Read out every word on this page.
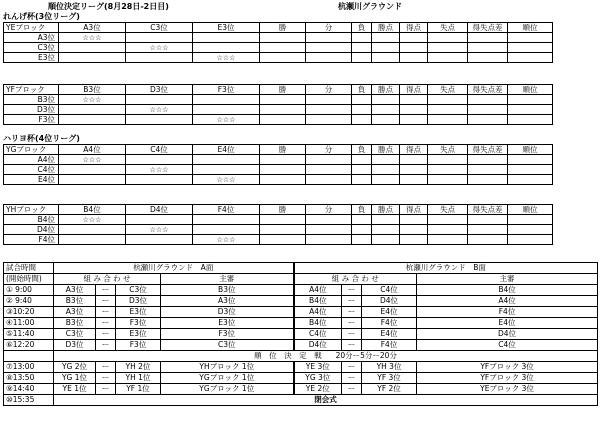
順位決定リーグ(8月28日-2日目)	杭瀬川グラウンド
れんげ杯(3位リーグ)
YEブロック	A3位	C3位	E3位	勝	分	負	勝点	得点	失点	得失点差	順位
A3位	☆☆☆										
C3位		☆☆☆									
E3位			☆☆☆								
YFブロック	B3位	D3位	F3位	勝	分	負	勝点	得点	失点	得失点差	順位
B3位	☆☆☆										
D3位		☆☆☆									
F3位			☆☆☆								
YGブロック	A4位	C4位	E4位	勝	分	負	勝点	得点	失点	得失点差	順位
A4位	☆☆☆										
C4位		☆☆☆									
E4位			☆☆☆								
YHブロック	B4位	D4位	F4位	勝	分	負	勝点	得点	失点	得失点差	順位
B4位	☆☆☆										
D4位		☆☆☆									
F4位			☆☆☆								
ハリヨ杯(4位リーグ)
試合時間	杭瀬川グラウンド　A面				杭瀬川グラウンド　B面			
(開始時間)	組 み 合 わ せ			主審	組 み 合 わ せ			主審
① 9:00	A3位	ー	C3位	B3位	A4位	ー	C4位	B4位
② 9:40	B3位	ー	D3位	A3位	B4位	ー	D4位	A4位
③10:20	A3位	ー	E3位	D3位	A4位	ー	E4位	F4位
④11:00	B3位	ー	F3位	E3位	B4位	ー	F4位	E4位
⑤11:40	C3位	ー	E3位	F3位	C4位	ー	E4位	D4位
⑥12:20	D3位	ー	F3位	C3位	D4位	ー	F4位	C4位
	順　位　決　定　戦 20分ー5分ー20分							
⑦13:00	YG 2位	ー	YH 2位	YHブロック 1位	YE 3位	ー	YH 3位	YFブロック 3位
⑧13:50	YG 1位	ー	YH 1位	YGブロック 1位	YG 3位	ー	YF 3位	YFブロック 3位
⑨14:40	YE 1位	ー	YF 1位	YGブロック 1位	YE 2位	ー	YF 2位	YEブロック 3位
⑩15:35	閉会式							
